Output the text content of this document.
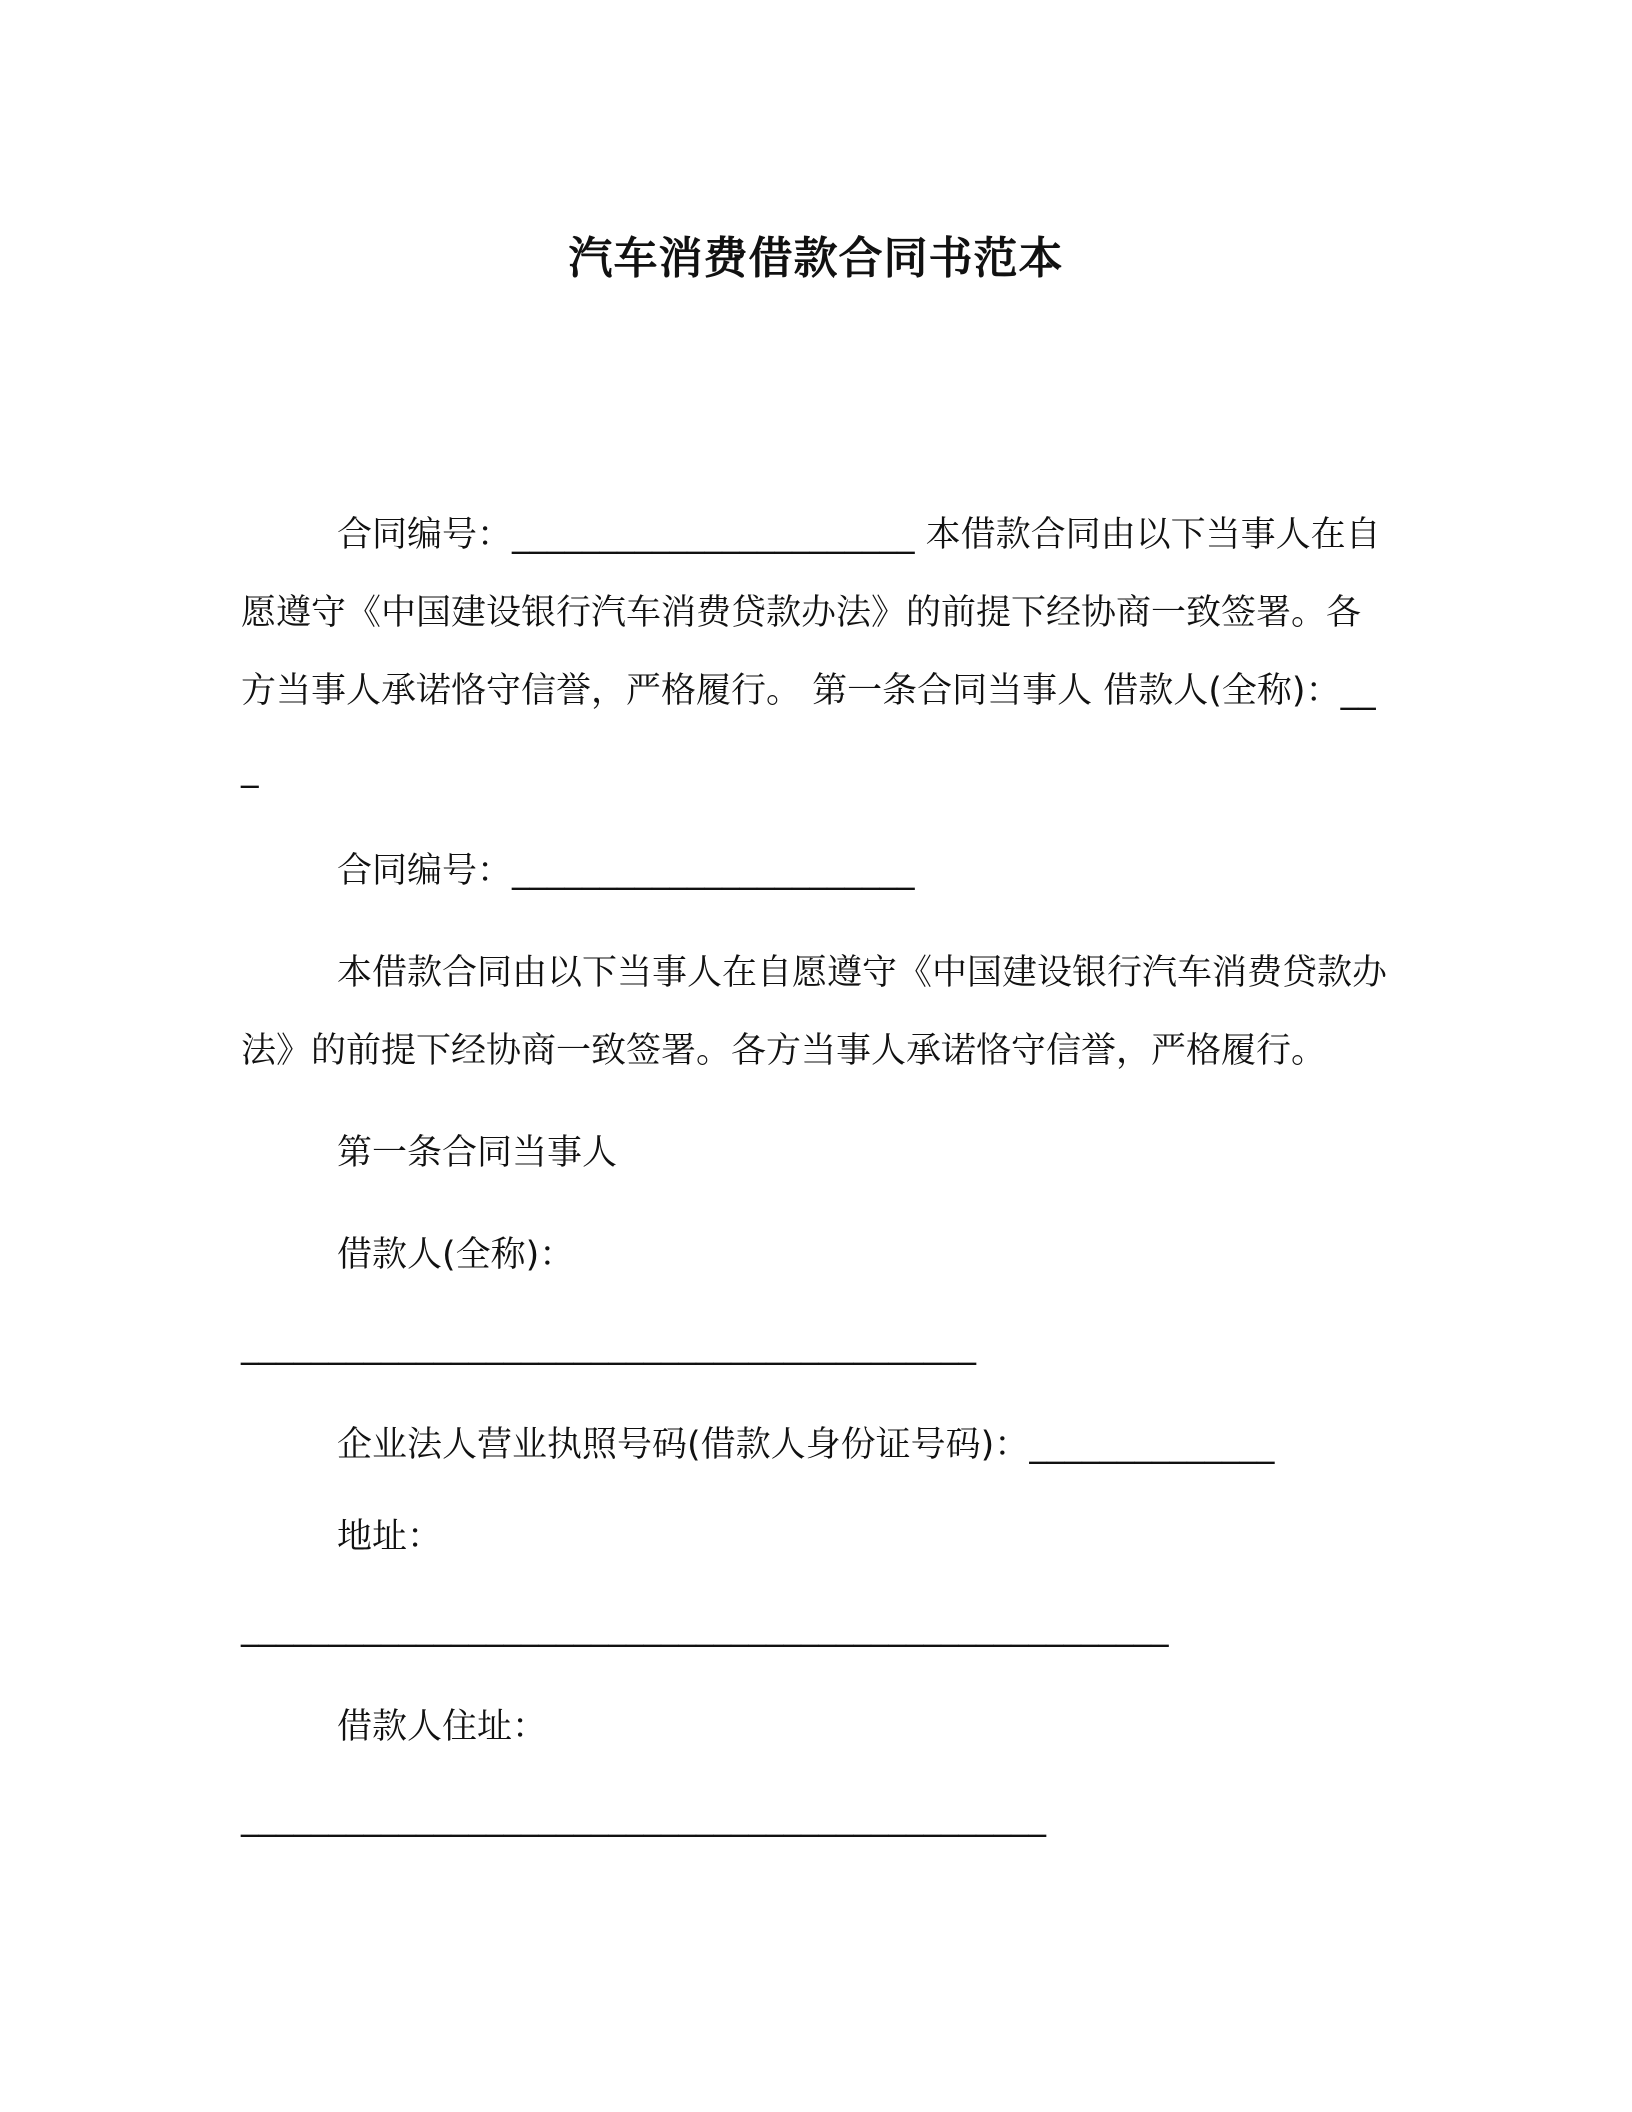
汽车消费借款合同书范本

合同编号：_______________________ 本借款合同由以下当事人在自愿遵守《中国建设银行汽车消费贷款办法》的前提下经协商一致签署。各方当事人承诺恪守信誉，严格履行。 第一条合同当事人 借款人(全称)：___

合同编号：_______________________

本借款合同由以下当事人在自愿遵守《中国建设银行汽车消费贷款办法》的前提下经协商一致签署。各方当事人承诺恪守信誉，严格履行。

第一条合同当事人

借款人(全称)：

__________________________________________

企业法人营业执照号码(借款人身份证号码)：______________

地址：

_____________________________________________________

借款人住址：

______________________________________________
